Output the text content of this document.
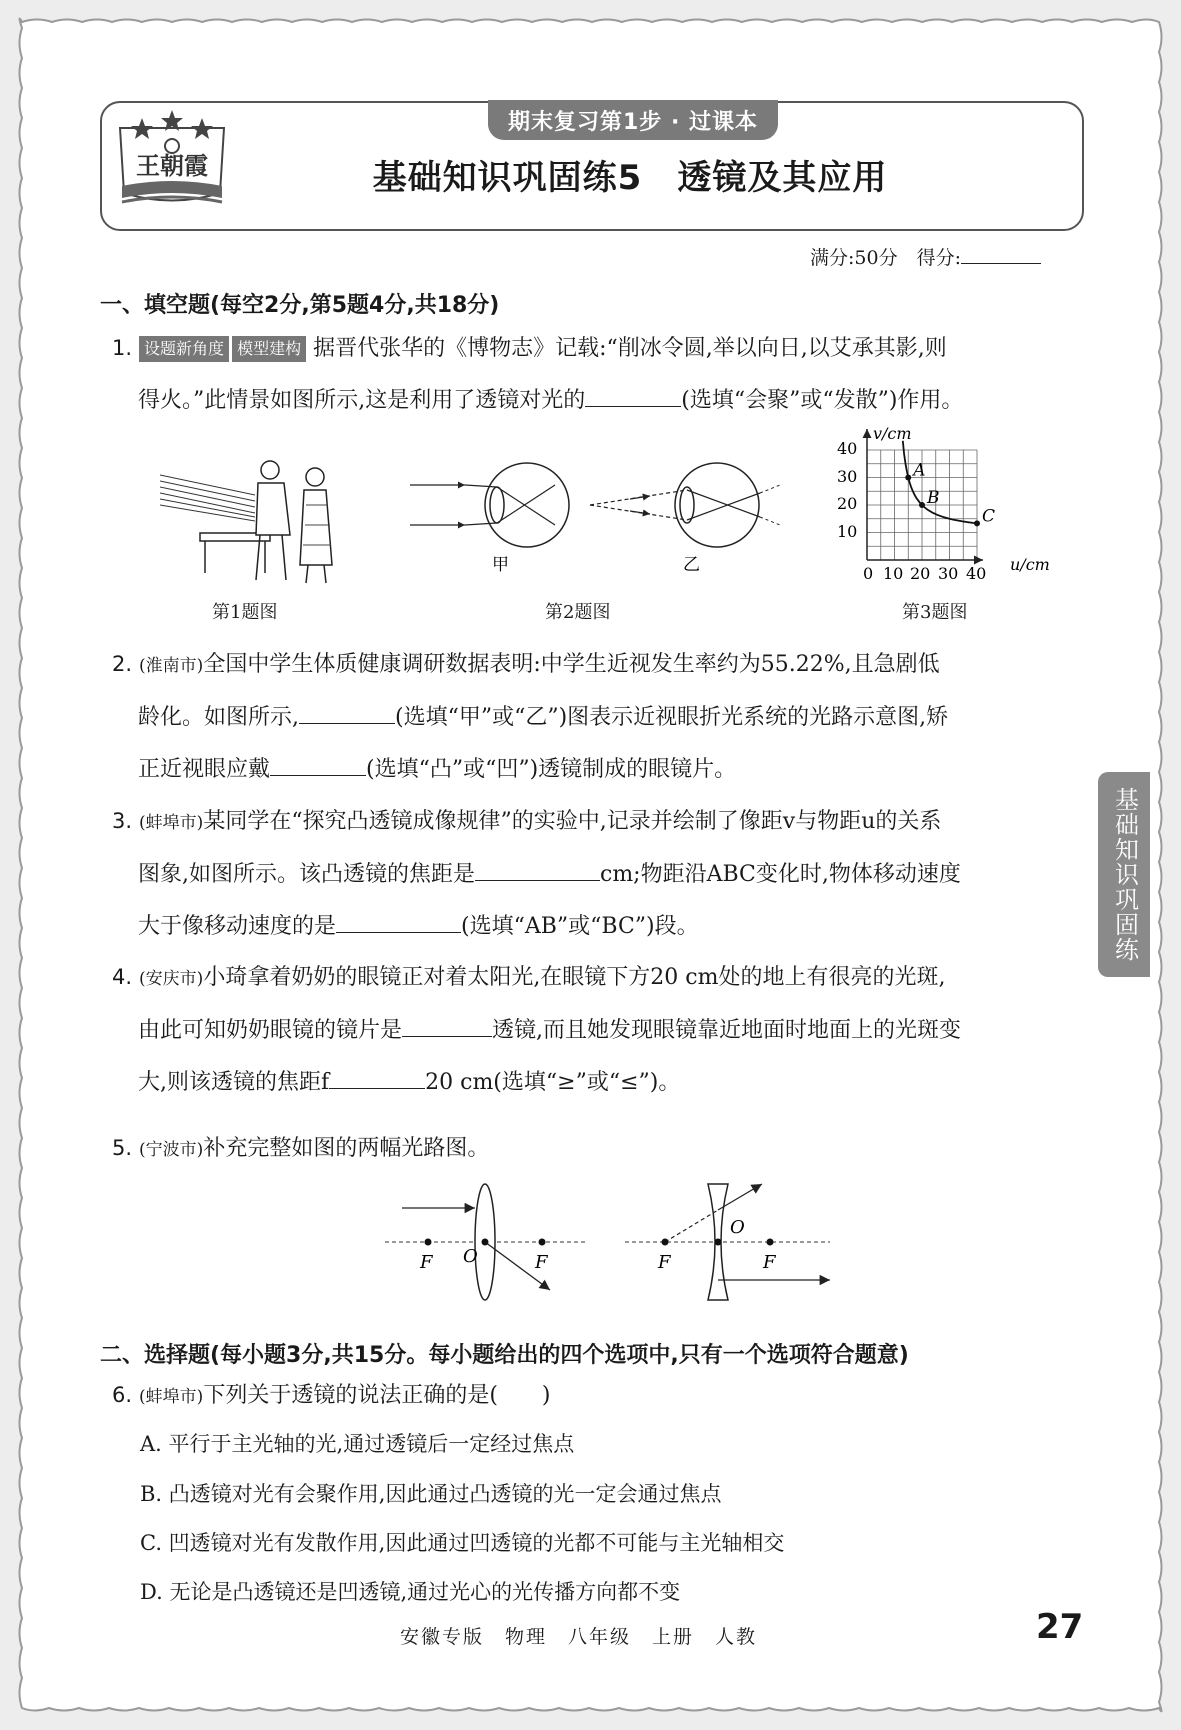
王朝霞
期末复习第1步 · 过课本
基础知识巩固练5　透镜及其应用
满分:50分　得分:
一、填空题(每空2分,第5题4分,共18分)
1. 设题新角度 模型建构 据晋代张华的《博物志》记载:“削冰令圆,举以向日,以艾承其影,则
得火。”此情景如图所示,这是利用了透镜对光的	(选填“会聚”或“发散”)作用。
甲	乙
A
B
C
v/cm
u/cm
40
30
20
10
0 10 20 30 40
第1题图	第2题图	第3题图
2. (淮南市)全国中学生体质健康调研数据表明:中学生近视发生率约为55.22%,且急剧低
龄化。如图所示,	(选填“甲”或“乙”)图表示近视眼折光系统的光路示意图,矫
正近视眼应戴	(选填“凸”或“凹”)透镜制成的眼镜片。
3. (蚌埠市)某同学在“探究凸透镜成像规律”的实验中,记录并绘制了像距v与物距u的关系
图象,如图所示。该凸透镜的焦距是	cm;物距沿ABC变化时,物体移动速度
大于像移动速度的是	(选填“AB”或“BC”)段。
4. (安庆市)小琦拿着奶奶的眼镜正对着太阳光,在眼镜下方20 cm处的地上有很亮的光斑,
由此可知奶奶眼镜的镜片是	透镜,而且她发现眼镜靠近地面时地面上的光斑变
大,则该透镜的焦距f	20 cm(选填“≥”或“≤”)。
5. (宁波市)补充完整如图的两幅光路图。
F O	F	F
O
F
二、选择题(每小题3分,共15分。每小题给出的四个选项中,只有一个选项符合题意)
6. (蚌埠市)下列关于透镜的说法正确的是(　　)
A. 平行于主光轴的光,通过透镜后一定经过焦点
B. 凸透镜对光有会聚作用,因此通过凸透镜的光一定会通过焦点
C. 凹透镜对光有发散作用,因此通过凹透镜的光都不可能与主光轴相交
D. 无论是凸透镜还是凹透镜,通过光心的光传播方向都不变
基础知识巩固练
安徽专版　物理　八年级　上册　人教	27
